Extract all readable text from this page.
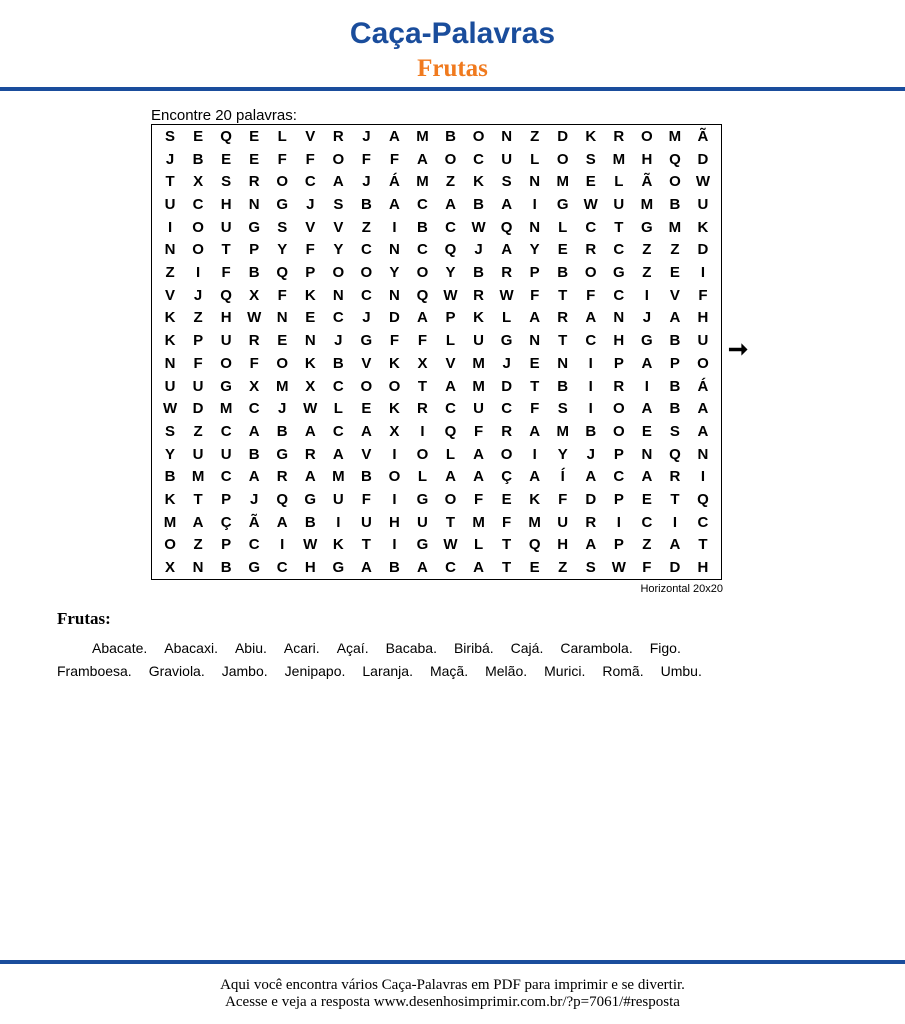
Caça-Palavras
Frutas
Encontre 20 palavras:
S	E	Q	E	L	V	R	J	A	M	B	O	N	Z	D	K	R	O	M	Ã
J	B	E	E	F	F	O	F	F	A	O	C	U	L	O	S	M	H	Q	D
T	X	S	R	O	C	A	J	Á	M	Z	K	S	N	M	E	L	Ã	O	W
U	C	H	N	G	J	S	B	A	C	A	B	A	I	G	W	U	M	B	U
I	O	U	G	S	V	V	Z	I	B	C	W	Q	N	L	C	T	G	M	K
N	O	T	P	Y	F	Y	C	N	C	Q	J	A	Y	E	R	C	Z	Z	D
Z	I	F	B	Q	P	O	O	Y	O	Y	B	R	P	B	O	G	Z	E	I
V	J	Q	X	F	K	N	C	N	Q	W	R	W	F	T	F	C	I	V	F
K	Z	H	W	N	E	C	J	D	A	P	K	L	A	R	A	N	J	A	H
K	P	U	R	E	N	J	G	F	F	L	U	G	N	T	C	H	G	B	U
N	F	O	F	O	K	B	V	K	X	V	M	J	E	N	I	P	A	P	O
U	U	G	X	M	X	C	O	O	T	A	M	D	T	B	I	R	I	B	Á
W	D	M	C	J	W	L	E	K	R	C	U	C	F	S	I	O	A	B	A
S	Z	C	A	B	A	C	A	X	I	Q	F	R	A	M	B	O	E	S	A
Y	U	U	B	G	R	A	V	I	O	L	A	O	I	Y	J	P	N	Q	N
B	M	C	A	R	A	M	B	O	L	A	A	Ç	A	Í	A	C	A	R	I
K	T	P	J	Q	G	U	F	I	G	O	F	E	K	F	D	P	E	T	Q
M	A	Ç	Ã	A	B	I	U	H	U	T	M	F	M	U	R	I	C	I	C
O	Z	P	C	I	W	K	T	I	G	W	L	T	Q	H	A	P	Z	A	T
X	N	B	G	C	H	G	A	B	A	C	A	T	E	Z	S	W	F	D	H
➞
Horizontal 20x20
Frutas:
Abacate. Abacaxi. Abiu. Acari. Açaí. Bacaba. Biribá. Cajá. Carambola. Figo.
Framboesa. Graviola. Jambo. Jenipapo. Laranja. Maçã. Melão. Murici. Romã. Umbu.
Aqui você encontra vários Caça-Palavras em PDF para imprimir e se divertir.
Acesse e veja a resposta www.desenhosimprimir.com.br/?p=7061/#resposta
